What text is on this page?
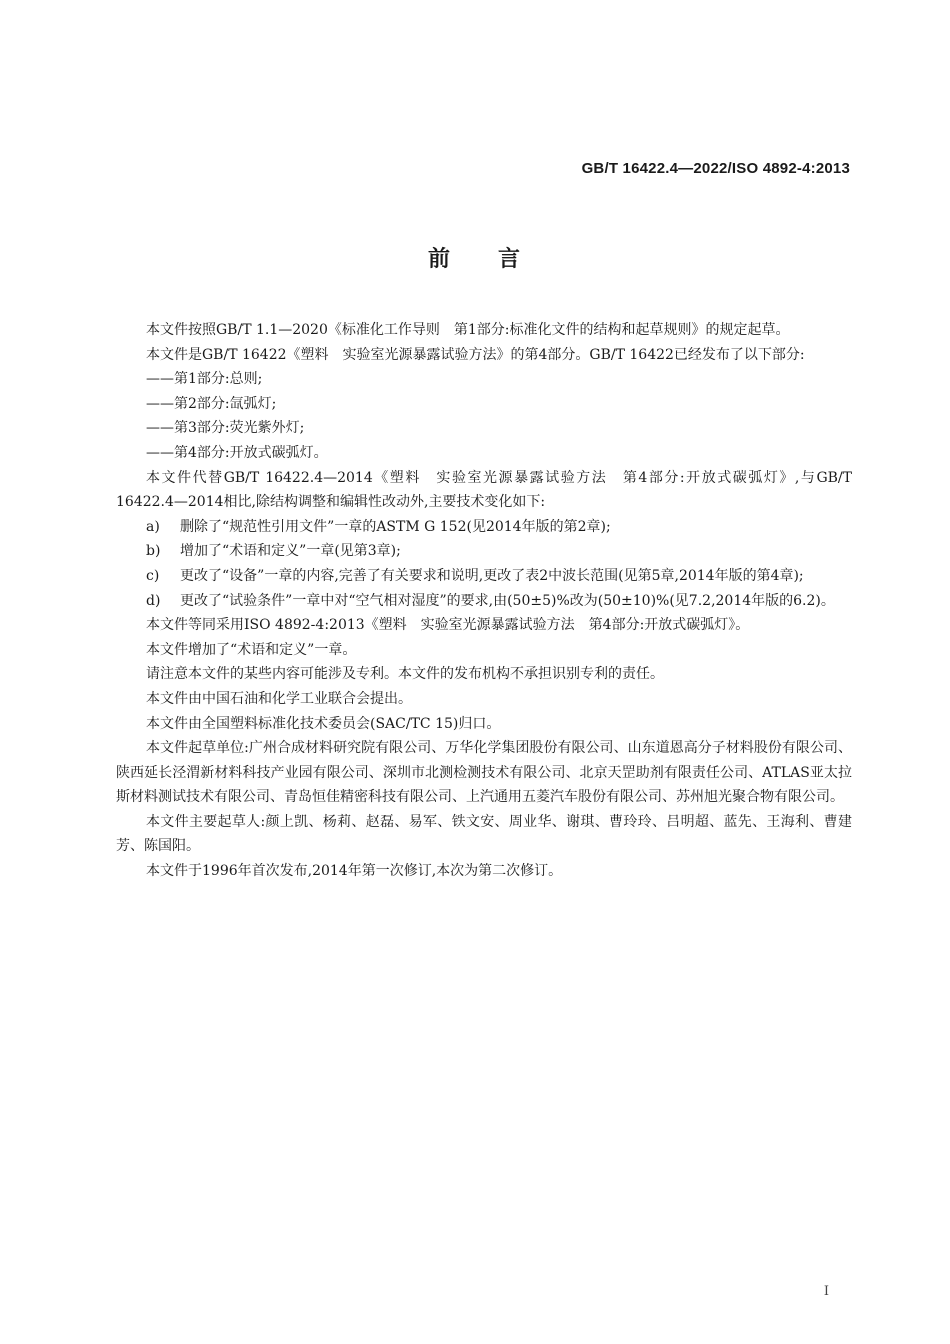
GB/T 16422.4—2022/ISO 4892-4:2013
前 言

本文件按照GB/T 1.1—2020《标准化工作导则　第1部分:标准化文件的结构和起草规则》的规定起草。

本文件是GB/T 16422《塑料　实验室光源暴露试验方法》的第4部分。GB/T 16422已经发布了以下部分:

——第1部分:总则;

——第2部分:氙弧灯;

——第3部分:荧光紫外灯;

——第4部分:开放式碳弧灯。

本文件代替GB/T 16422.4—2014《塑料　实验室光源暴露试验方法　第4部分:开放式碳弧灯》,与GB/T 16422.4—2014相比,除结构调整和编辑性改动外,主要技术变化如下:

a) 删除了“规范性引用文件”一章的ASTM G 152(见2014年版的第2章);

b) 增加了“术语和定义”一章(见第3章);

c) 更改了“设备”一章的内容,完善了有关要求和说明,更改了表2中波长范围(见第5章,2014年版的第4章);

d) 更改了“试验条件”一章中对“空气相对湿度”的要求,由(50±5)%改为(50±10)%(见7.2,2014年版的6.2)。

本文件等同采用ISO 4892-4:2013《塑料　实验室光源暴露试验方法　第4部分:开放式碳弧灯》。

本文件增加了“术语和定义”一章。

请注意本文件的某些内容可能涉及专利。本文件的发布机构不承担识别专利的责任。

本文件由中国石油和化学工业联合会提出。

本文件由全国塑料标准化技术委员会(SAC/TC 15)归口。

本文件起草单位:广州合成材料研究院有限公司、万华化学集团股份有限公司、山东道恩高分子材料股份有限公司、陕西延长泾渭新材料科技产业园有限公司、深圳市北测检测技术有限公司、北京天罡助剂有限责任公司、ATLAS亚太拉斯材料测试技术有限公司、青岛恒佳精密科技有限公司、上汽通用五菱汽车股份有限公司、苏州旭光聚合物有限公司。

本文件主要起草人:颜上凯、杨莉、赵磊、易军、铁文安、周业华、谢琪、曹玲玲、吕明超、蓝先、王海利、曹建芳、陈国阳。

本文件于1996年首次发布,2014年第一次修订,本次为第二次修订。

I
